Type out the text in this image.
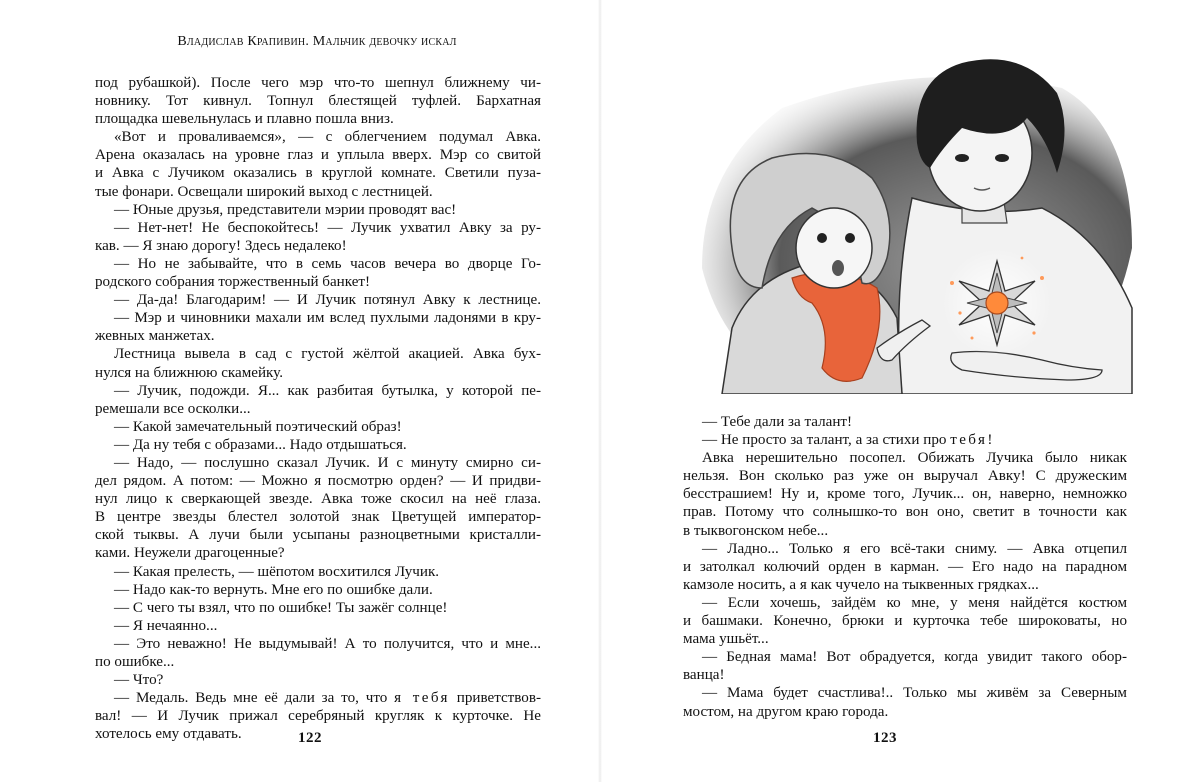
Владислав Крапивин. Мальчик девочку искал
под рубашкой). После чего мэр что-то шепнул ближнему чи-
новнику. Тот кивнул. Топнул блестящей туфлей. Бархатная
площадка шевельнулась и плавно пошла вниз.
«Вот и проваливаемся», — с облегчением подумал Авка.
Арена оказалась на уровне глаз и уплыла вверх. Мэр со свитой
и Авка с Лучиком оказались в круглой комнате. Светили пуза-
тые фонари. Освещали широкий выход с лестницей.
— Юные друзья, представители мэрии проводят вас!
— Нет-нет! Не беспокойтесь! — Лучик ухватил Авку за ру-
кав. — Я знаю дорогу! Здесь недалеко!
— Но не забывайте, что в семь часов вечера во дворце Го-
родского собрания торжественный банкет!
— Да-да! Благодарим! — И Лучик потянул Авку к лестнице.
— Мэр и чиновники махали им вслед пухлыми ладонями в кру-
жевных манжетах.
Лестница вывела в сад с густой жёлтой акацией. Авка бух-
нулся на ближнюю скамейку.
— Лучик, подожди. Я... как разбитая бутылка, у которой пе-
ремешали все осколки...
— Какой замечательный поэтический образ!
— Да ну тебя с образами... Надо отдышаться.
— Надо, — послушно сказал Лучик. И с минуту смирно си-
дел рядом. А потом: — Можно я посмотрю орден? — И придви-
нул лицо к сверкающей звезде. Авка тоже скосил на неё глаза.
В центре звезды блестел золотой знак Цветущей император-
ской тыквы. А лучи были усыпаны разноцветными кристалли-
ками. Неужели драгоценные?
— Какая прелесть, — шёпотом восхитился Лучик.
— Надо как-то вернуть. Мне его по ошибке дали.
— С чего ты взял, что по ошибке! Ты зажёг солнце!
— Я нечаянно...
— Это неважно! Не выдумывай! А то получится, что и мне...
по ошибке...
— Что?
— Медаль. Ведь мне её дали за то, что я тебя приветствов-
вал! — И Лучик прижал серебряный кругляк к курточке. Не
хотелось ему отдавать.	122
— Тебе дали за талант!
— Не просто за талант, а за стихи про тебя!
Авка нерешительно посопел. Обижать Лучика было никак
нельзя. Вон сколько раз уже он выручал Авку! С дружеским
бесстрашием! Ну и, кроме того, Лучик... он, наверно, немножко
прав. Потому что солнышко-то вон оно, светит в точности как
в тыквогонском небе...
— Ладно... Только я его всё-таки сниму. — Авка отцепил
и затолкал колючий орден в карман. — Его надо на парадном
камзоле носить, а я как чучело на тыквенных грядках...
— Если хочешь, зайдём ко мне, у меня найдётся костюм
и башмаки. Конечно, брюки и курточка тебе широковаты, но
мама ушьёт...
— Бедная мама! Вот обрадуется, когда увидит такого обор-
ванца!
— Мама будет счастлива!.. Только мы живём за Северным
мостом, на другом краю города.
123
